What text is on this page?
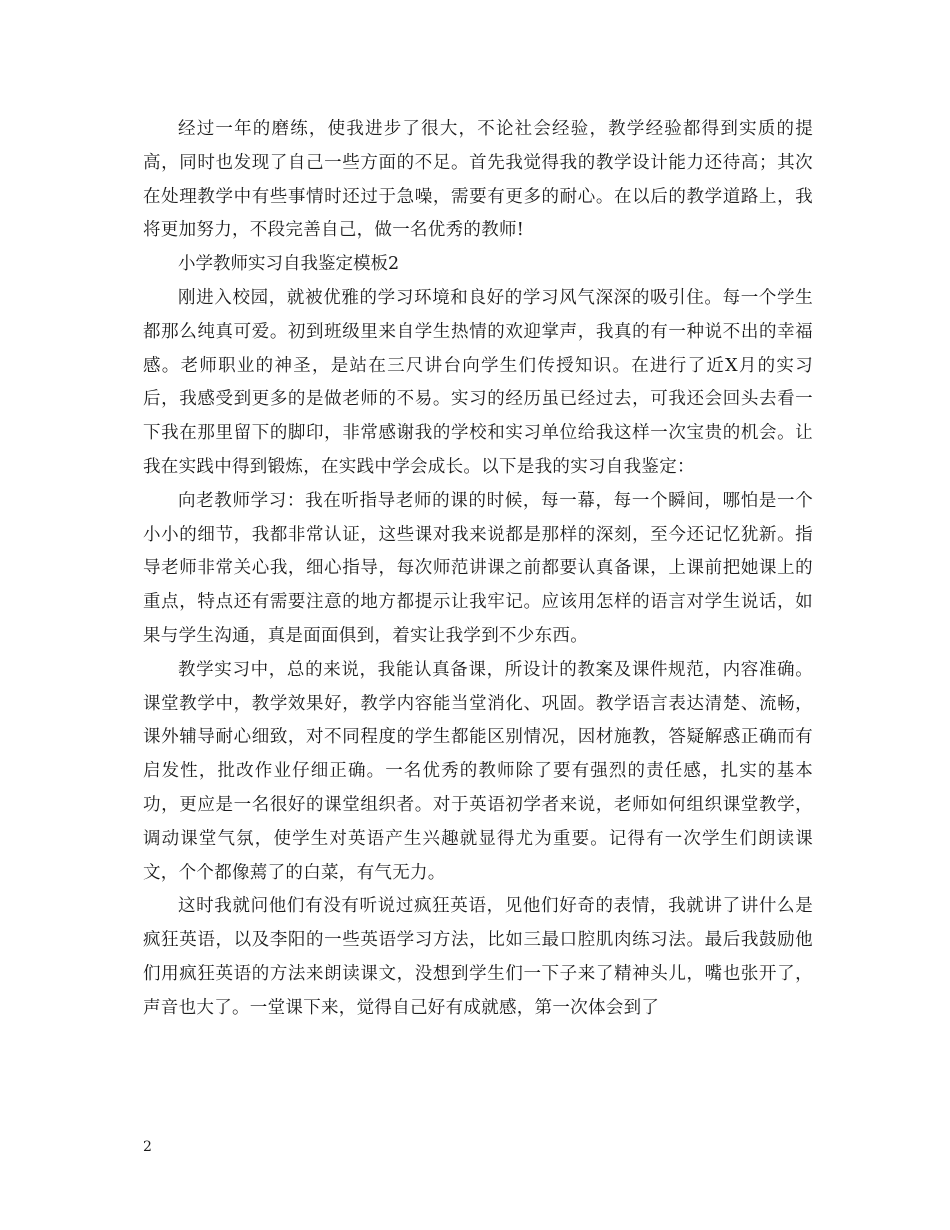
经过一年的磨练，使我进步了很大，不论社会经验，教学经验都得到实质的提高，同时也发现了自己一些方面的不足。首先我觉得我的教学设计能力还待高；其次在处理教学中有些事情时还过于急噪，需要有更多的耐心。在以后的教学道路上，我将更加努力，不段完善自己，做一名优秀的教师!

小学教师实习自我鉴定模板2

刚进入校园，就被优雅的学习环境和良好的学习风气深深的吸引住。每一个学生都那么纯真可爱。初到班级里来自学生热情的欢迎掌声，我真的有一种说不出的幸福感。老师职业的神圣，是站在三尺讲台向学生们传授知识。在进行了近X月的实习后，我感受到更多的是做老师的不易。实习的经历虽已经过去，可我还会回头去看一下我在那里留下的脚印，非常感谢我的学校和实习单位给我这样一次宝贵的机会。让我在实践中得到锻炼，在实践中学会成长。以下是我的实习自我鉴定：

向老教师学习：我在听指导老师的课的时候，每一幕，每一个瞬间，哪怕是一个小小的细节，我都非常认证，这些课对我来说都是那样的深刻，至今还记忆犹新。指导老师非常关心我，细心指导，每次师范讲课之前都要认真备课，上课前把她课上的重点，特点还有需要注意的地方都提示让我牢记。应该用怎样的语言对学生说话，如果与学生沟通，真是面面俱到，着实让我学到不少东西。

教学实习中，总的来说，我能认真备课，所设计的教案及课件规范，内容准确。课堂教学中，教学效果好，教学内容能当堂消化、巩固。教学语言表达清楚、流畅，课外辅导耐心细致，对不同程度的学生都能区别情况，因材施教，答疑解惑正确而有启发性，批改作业仔细正确。一名优秀的教师除了要有强烈的责任感，扎实的基本功，更应是一名很好的课堂组织者。对于英语初学者来说，老师如何组织课堂教学，调动课堂气氛，使学生对英语产生兴趣就显得尤为重要。记得有一次学生们朗读课文，个个都像蔫了的白菜，有气无力。

这时我就问他们有没有听说过疯狂英语，见他们好奇的表情，我就讲了讲什么是疯狂英语，以及李阳的一些英语学习方法，比如三最口腔肌肉练习法。最后我鼓励他们用疯狂英语的方法来朗读课文，没想到学生们一下子来了精神头儿，嘴也张开了，声音也大了。一堂课下来，觉得自己好有成就感，第一次体会到了

2
